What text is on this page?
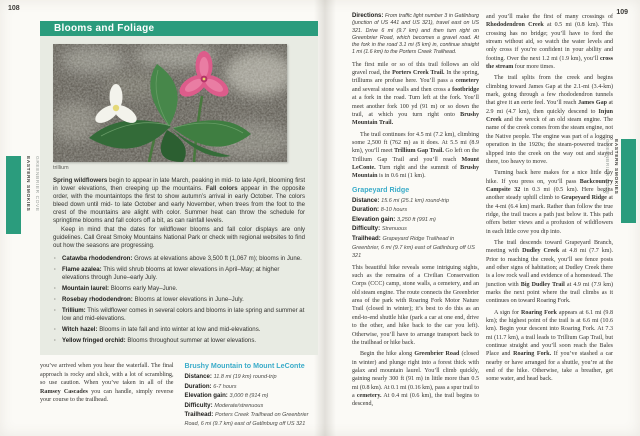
108
109
EASTERN SMOKIES GREENBRIER COVE	GREENBRIER COVE EASTERN SMOKIES
Blooms and Foliage
trillium

Spring wildflowers begin to appear in late March, peaking in mid- to late April, blooming first in lower elevations, then creeping up the mountains. Fall colors appear in the opposite order, with the mountaintops the first to show autumn’s arrival in early October. The colors bleed down until mid- to late October and early November, when trees from the foot to the crest of the mountains are alight with color. Summer heat can throw the schedule for springtime blooms and fall colors off a bit, as can rainfall levels.

Keep in mind that the dates for wildflower blooms and fall color displays are only guidelines. Call Great Smoky Mountains National Park or check with regional websites to find out how the seasons are progressing.

· Catawba rhododendron: Grows at elevations above 3,500 ft (1,067 m); blooms in June.
· Flame azalea: This wild shrub blooms at lower elevations in April–May; at higher elevations through June–early July.
· Mountain laurel: Blooms early May–June.
· Rosebay rhododendron: Blooms at lower elevations in June–July.
· Trillium: This wildflower comes in several colors and blooms in late spring and summer at low and mid-elevations.
· Witch hazel: Blooms in late fall and into winter at low and mid-elevations.
· Yellow fringed orchid: Blooms throughout summer at lower elevations.

you’ve arrived when you hear the waterfall. The final approach is rocky and slick, with a lot of scrambling, so use caution. When you’ve taken in all of the Ramsey Cascades you can handle, simply reverse your course to the trailhead.

Brushy Mountain to Mount LeConte
Distance: 11.8 mi (19 km) round-trip
Duration: 6-7 hours
Elevation gain: 3,000 ft (914 m)
Difficulty: Moderate/strenuous
Trailhead: Porters Creek Trailhead on Greenbrier Road, 6 mi (9.7 km) east of Gatlinburg off US 321

Directions: From traffic light number 3 in Gatlinburg (junction of US 441 and US 321), travel east on US 321. Drive 6 mi (9.7 km) and then turn right on Greenbrier Road, which becomes a gravel road. At the fork in the road 3.1 mi (5 km) in, continue straight 1 mi (1.6 km) to the Porters Creek Trailhead.

The first mile or so of this trail follows an old gravel road, the Porters Creek Trail. In the spring, trilliums are profuse here. You’ll pass a cemetery and several stone walls and then cross a footbridge at a fork in the road. Turn left at the fork. You’ll meet another fork 100 yd (91 m) or so down the trail, at which you turn right onto Brushy Mountain Trail.

The trail continues for 4.5 mi (7.2 km), climbing some 2,500 ft (762 m) as it does. At 5.5 mi (8.9 km), you’ll meet Trillium Gap Trail. Go left on the Trillium Gap Trail and you’ll reach Mount LeConte. Turn right and the summit of Brushy Mountain is in 0.6 mi (1 km).

Grapeyard Ridge
Distance: 15.6 mi (25.1 km) round-trip
Duration: 8-10 hours
Elevation gain: 3,250 ft (991 m)
Difficulty: Strenuous
Trailhead: Grapeyard Ridge Trailhead in Greenbrier, 6 mi (9.7 km) east of Gatlinburg off US 321

This beautiful hike reveals some intriguing sights, such as the remains of a Civilian Conservation Corps (CCC) camp, stone walls, a cemetery, and an old steam engine. The route connects the Greenbrier area of the park with Roaring Fork Motor Nature Trail (closed in winter); it’s best to do this as an end-to-end shuttle hike (park a car at one end, drive to the other, and hike back to the car you left). Otherwise, you’ll have to arrange transport back to the trailhead or hike back.

Begin the hike along Greenbrier Road (closed in winter) and plunge right into a forest thick with galax and mountain laurel. You’ll climb quickly, gaining nearly 300 ft (91 m) in little more than 0.5 mi (0.8 km). At 0.1 mi (0.16 km), pass a spur trail to a cemetery. At 0.4 mi (0.6 km), the trail begins to descend,

and you’ll make the first of many crossings of Rhododendron Creek at 0.5 mi (0.8 km). This crossing has no bridge; you’ll have to ford the stream without aid, so watch the water levels and only cross if you’re confident in your ability and footing. Over the next 1.2 mi (1.9 km), you’ll cross the stream four more times.

The trail splits from the creek and begins climbing toward James Gap at the 2.1-mi (3.4-km) mark, going through a few rhododendron tunnels that give it an eerie feel. You’ll reach James Gap at 2.9 mi (4.7 km), then quickly descend to Injun Creek and the wreck of an old steam engine. The name of the creek comes from the steam engine, not the Native people. The engine was part of a logging operation in the 1920s; the steam-powered tractor slipped into the creek on the way out and stayed there, too heavy to move.

Turning back here makes for a nice little day hike. If you press on, you’ll pass Backcountry Campsite 32 in 0.3 mi (0.5 km). Here begins another steady uphill climb to Grapeyard Ridge at the 4-mi (6.4 km) mark. Rather than follow the true ridge, the trail traces a path just below it. This path offers better views and a profusion of wildflowers in each little cove you dip into.

The trail descends toward Grapeyard Branch, meeting with Dudley Creek at 4.8 mi (7.7 km). Prior to reaching the creek, you’ll see fence posts and other signs of habitation; at Dudley Creek there is a low rock wall and evidence of a homestead. The junction with Big Dudley Trail at 4.9 mi (7.9 km) marks the next point where the trail climbs as it continues on toward Roaring Fork.

A sign for Roaring Fork appears at 6.1 mi (9.8 km); the highest point of the trail is at 6.6 mi (10.6 km). Begin your descent into Roaring Fork. At 7.3 mi (11.7 km), a trail leads to Trillium Gap Trail, but continue straight and you’ll soon reach the Bales Place and Roaring Fork. If you’ve stashed a car nearby or have arranged for a shuttle, you’re at the end of the hike. Otherwise, take a breather, get some water, and head back.
